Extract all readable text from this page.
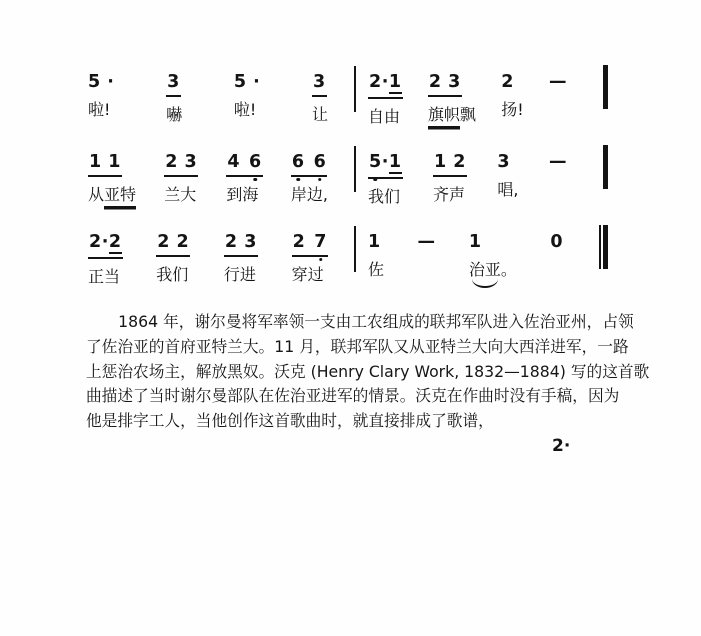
5 ·
啦!
3
嚇
5 ·
啦!
3
让
2 · 1
自由
2 3
旗帜 飘
2
扬!
—
1 1
从 亚特
2 3
兰大
4 6
到海
6 6
岸边,
5 · 1
我们
1 2
齐声
3
唱,
—
2 · 2
正当
2 2
我们
2 3
行进
2 7
穿过
1
佐
— 1
治亚 。
0
1864 年，谢尔曼将军率领一支由工农组成的联邦军队进入佐治亚州，占领
了佐治亚的首府亚特兰大。11 月，联邦军队又从亚特兰大向大西洋进军，一路
上惩治农场主，解放黑奴。沃克 (Henry Clary Work, 1832—1884) 写的这首歌
曲描述了当时谢尔曼部队在佐治亚进军的情景。沃克在作曲时没有手稿，因为
他是排字工人，当他创作这首歌曲时，就直接排成了歌谱，
2·
